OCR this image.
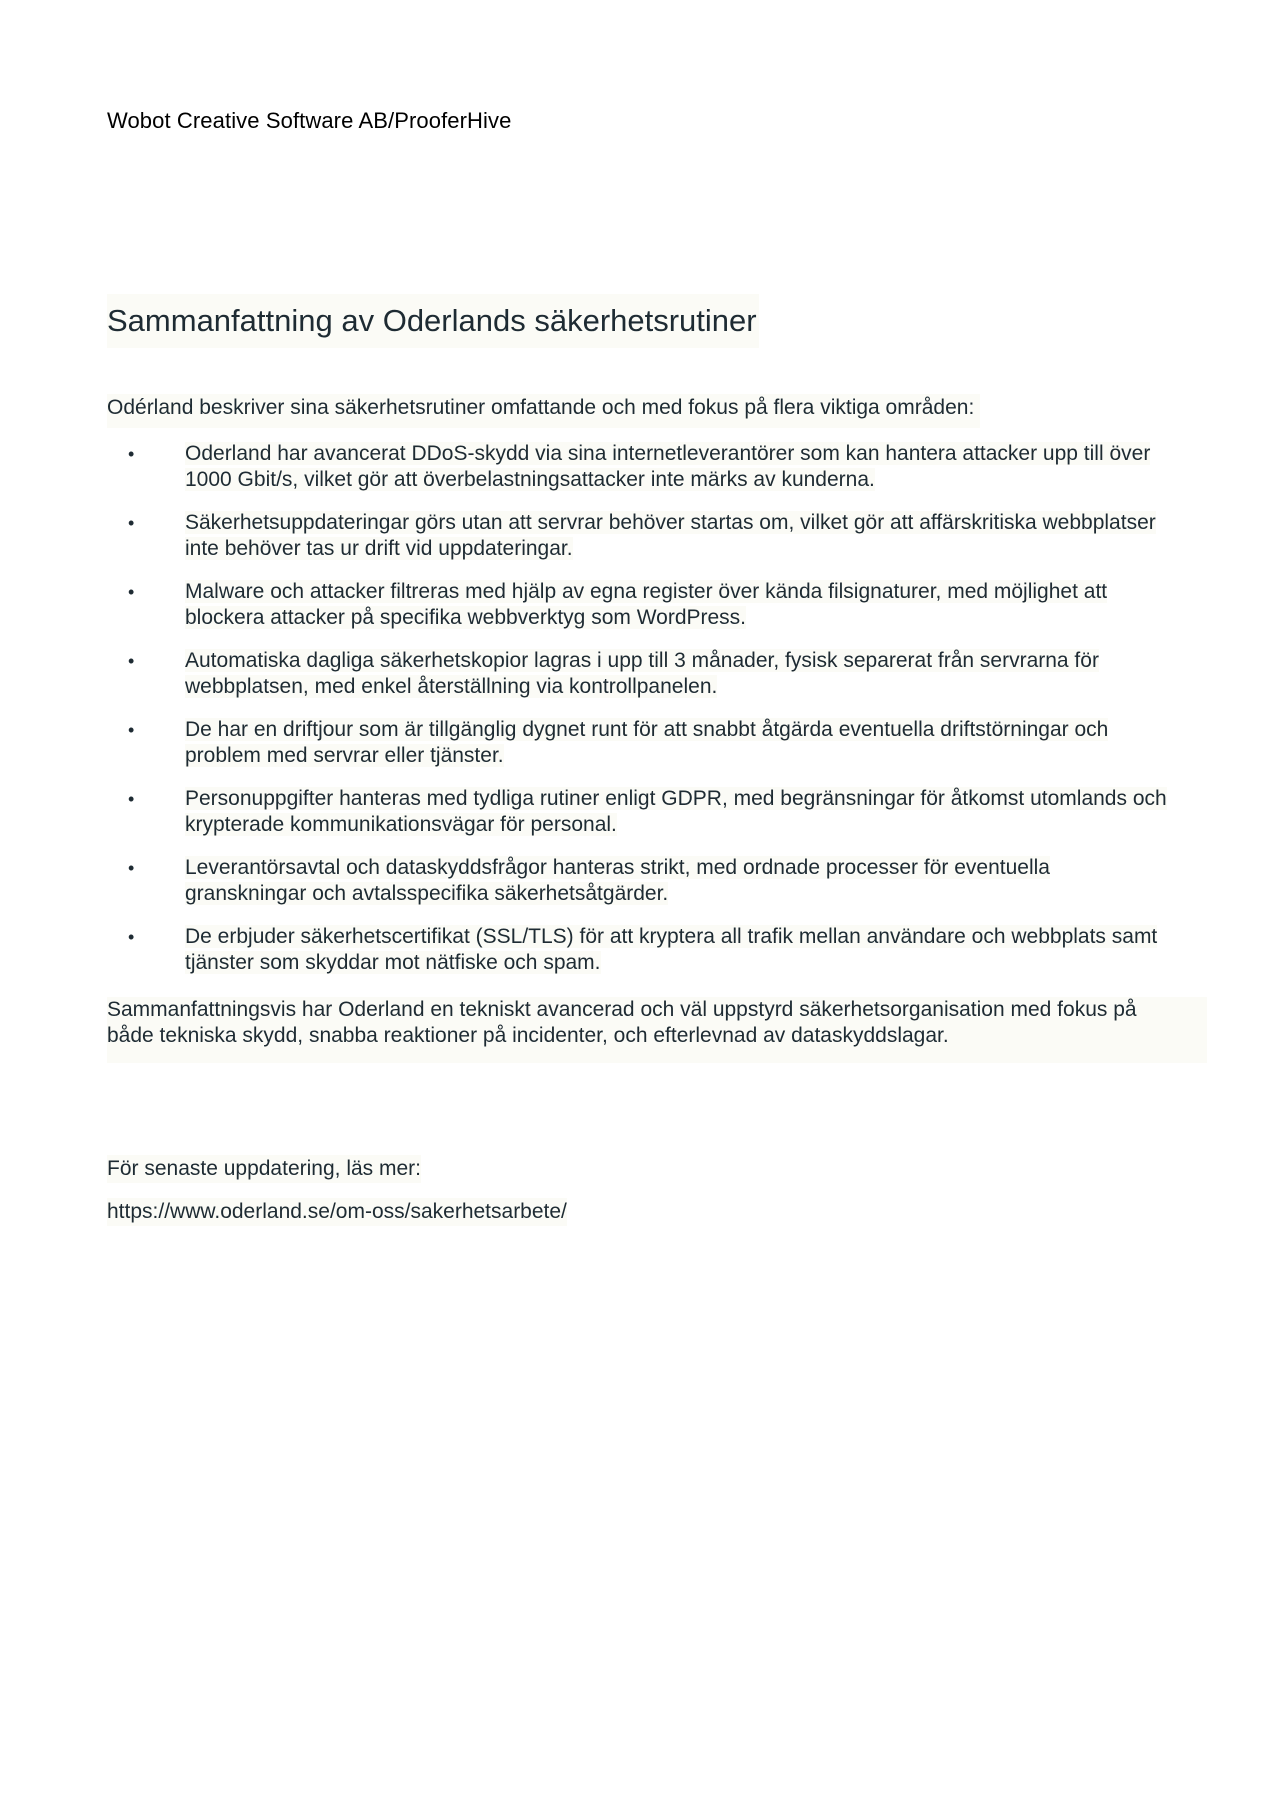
Wobot Creative Software AB/ProoferHive
Sammanfattning av Oderlands säkerhetsrutiner

Odérland beskriver sina säkerhetsrutiner omfattande och med fokus på flera viktiga områden:

• Oderland har avancerat DDoS-skydd via sina internetleverantörer som kan hantera attacker upp till över 1000 Gbit/s, vilket gör att överbelastningsattacker inte märks av kunderna.
• Säkerhetsuppdateringar görs utan att servrar behöver startas om, vilket gör att affärskritiska webbplatser inte behöver tas ur drift vid uppdateringar.
• Malware och attacker filtreras med hjälp av egna register över kända filsignaturer, med möjlighet att blockera attacker på specifika webbverktyg som WordPress.
• Automatiska dagliga säkerhetskopior lagras i upp till 3 månader, fysisk separerat från servrarna för webbplatsen, med enkel återställning via kontrollpanelen.
• De har en driftjour som är tillgänglig dygnet runt för att snabbt åtgärda eventuella driftstörningar och problem med servrar eller tjänster.
• Personuppgifter hanteras med tydliga rutiner enligt GDPR, med begränsningar för åtkomst utomlands och krypterade kommunikationsvägar för personal.
• Leverantörsavtal och dataskyddsfrågor hanteras strikt, med ordnade processer för eventuella granskningar och avtalsspecifika säkerhetsåtgärder.
• De erbjuder säkerhetscertifikat (SSL/TLS) för att kryptera all trafik mellan användare och webbplats samt tjänster som skyddar mot nätfiske och spam.

Sammanfattningsvis har Oderland en tekniskt avancerad och väl uppstyrd säkerhetsorganisation med fokus på både tekniska skydd, snabba reaktioner på incidenter, och efterlevnad av dataskyddslagar.

För senaste uppdatering, läs mer:

https://www.oderland.se/om-oss/sakerhetsarbete/
